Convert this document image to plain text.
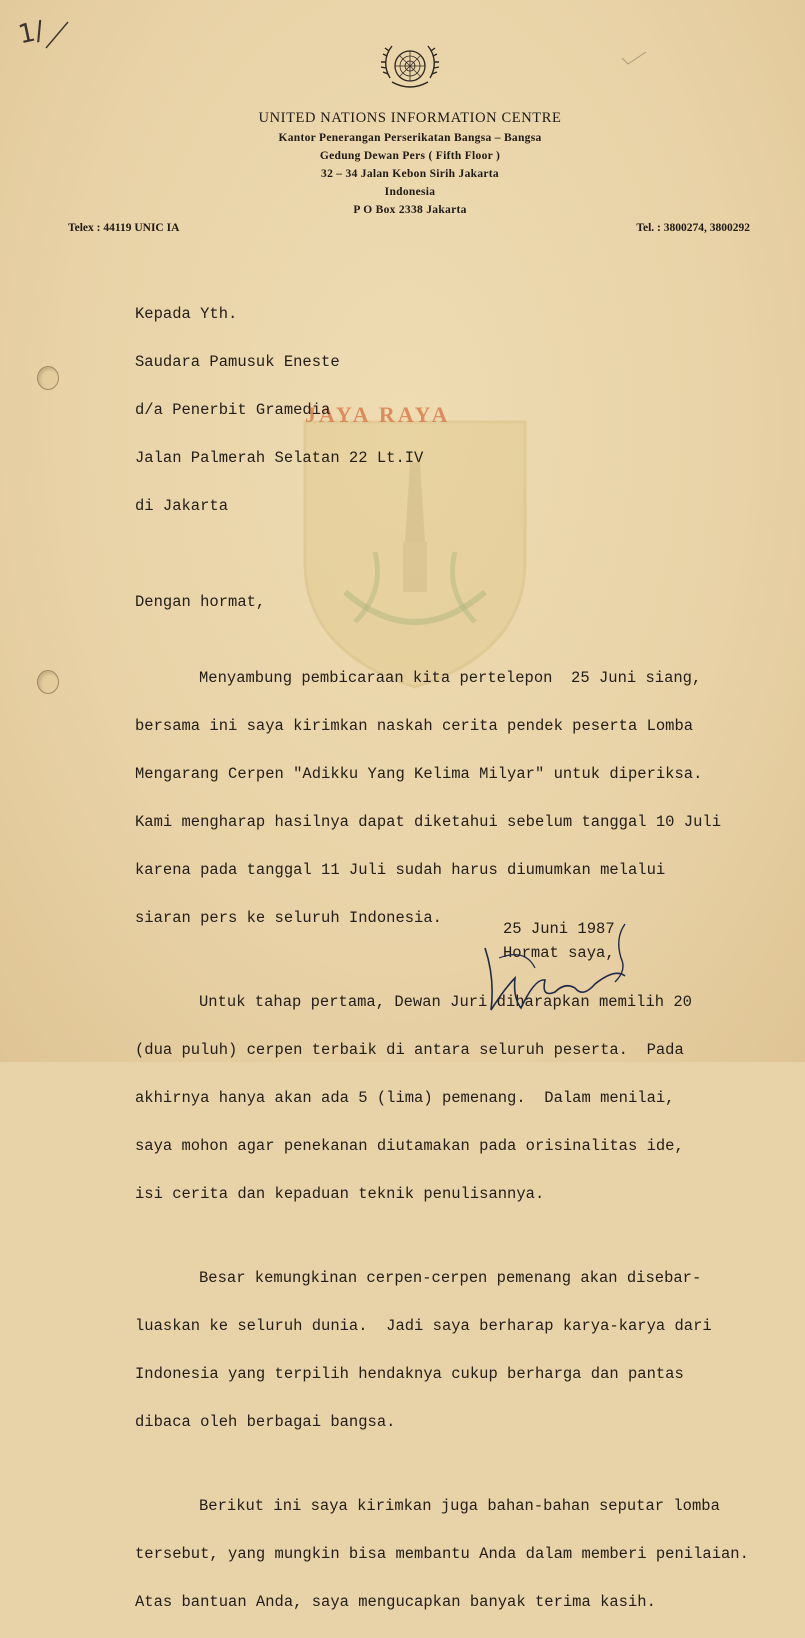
1/
UNITED NATIONS INFORMATION CENTRE
Kantor Penerangan Perserikatan Bangsa – Bangsa
Gedung Dewan Pers ( Fifth Floor )
32 – 34 Jalan Kebon Sirih Jakarta
Indonesia
P O Box 2338 Jakarta
Telex : 44119 UNIC IA	Tel. : 3800274, 3800292
JAYA RAYA

Kepada Yth.

Saudara Pamusuk Eneste

d/a Penerbit Gramedia

Jalan Palmerah Selatan 22 Lt.IV

di Jakarta

Dengan hormat,

Menyambung pembicaraan kita pertelepon  25 Juni siang,

bersama ini saya kirimkan naskah cerita pendek peserta Lomba

Mengarang Cerpen "Adikku Yang Kelima Milyar" untuk diperiksa.

Kami mengharap hasilnya dapat diketahui sebelum tanggal 10 Juli

karena pada tanggal 11 Juli sudah harus diumumkan melalui

siaran pers ke seluruh Indonesia.

Untuk tahap pertama, Dewan Juri diharapkan memilih 20

(dua puluh) cerpen terbaik di antara seluruh peserta.  Pada

akhirnya hanya akan ada 5 (lima) pemenang.  Dalam menilai,

saya mohon agar penekanan diutamakan pada orisinalitas ide,

isi cerita dan kepaduan teknik penulisannya.

Besar kemungkinan cerpen-cerpen pemenang akan disebar-

luaskan ke seluruh dunia.  Jadi saya berharap karya-karya dari

Indonesia yang terpilih hendaknya cukup berharga dan pantas

dibaca oleh berbagai bangsa.

Berikut ini saya kirimkan juga bahan-bahan seputar lomba

tersebut, yang mungkin bisa membantu Anda dalam memberi penilaian.

Atas bantuan Anda, saya mengucapkan banyak terima kasih.

25 Juni 1987
Hormat saya,
